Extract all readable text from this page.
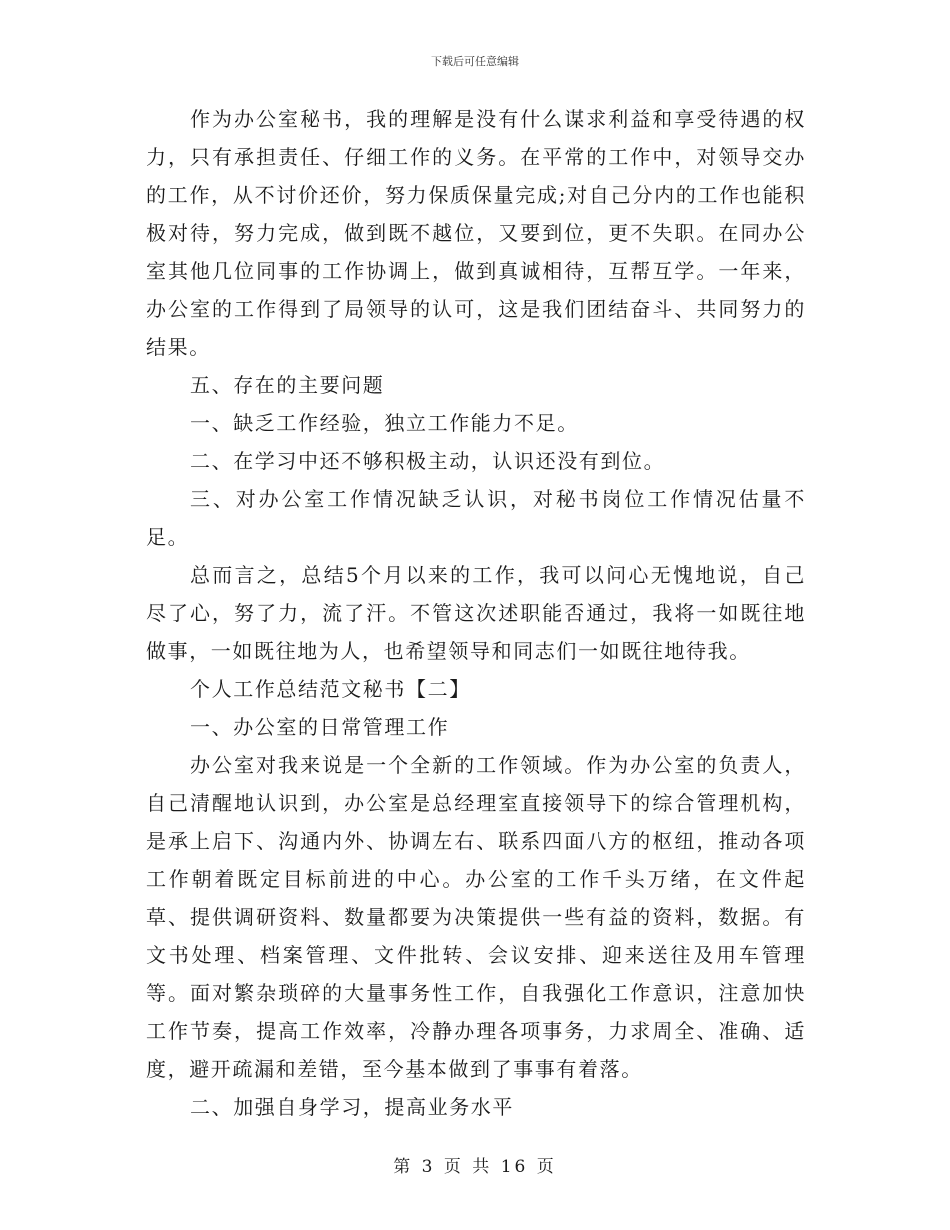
下载后可任意编辑

作为办公室秘书，我的理解是没有什么谋求利益和享受待遇的权力，只有承担责任、仔细工作的义务。在平常的工作中，对领导交办的工作，从不讨价还价，努力保质保量完成;对自己分内的工作也能积极对待，努力完成，做到既不越位，又要到位，更不失职。在同办公室其他几位同事的工作协调上，做到真诚相待，互帮互学。一年来，办公室的工作得到了局领导的认可，这是我们团结奋斗、共同努力的结果。

五、存在的主要问题

一、缺乏工作经验，独立工作能力不足。

二、在学习中还不够积极主动，认识还没有到位。

三、对办公室工作情况缺乏认识，对秘书岗位工作情况估量不足。

总而言之，总结5个月以来的工作，我可以问心无愧地说，自己尽了心，努了力，流了汗。不管这次述职能否通过，我将一如既往地做事，一如既往地为人，也希望领导和同志们一如既往地待我。

个人工作总结范文秘书【二】

一、办公室的日常管理工作

办公室对我来说是一个全新的工作领域。作为办公室的负责人，自己清醒地认识到，办公室是总经理室直接领导下的综合管理机构，是承上启下、沟通内外、协调左右、联系四面八方的枢纽，推动各项工作朝着既定目标前进的中心。办公室的工作千头万绪，在文件起草、提供调研资料、数量都要为决策提供一些有益的资料，数据。有文书处理、档案管理、文件批转、会议安排、迎来送往及用车管理等。面对繁杂琐碎的大量事务性工作，自我强化工作意识，注意加快工作节奏，提高工作效率，冷静办理各项事务，力求周全、准确、适度，避开疏漏和差错，至今基本做到了事事有着落。

二、加强自身学习，提高业务水平

第 3 页 共 16 页
